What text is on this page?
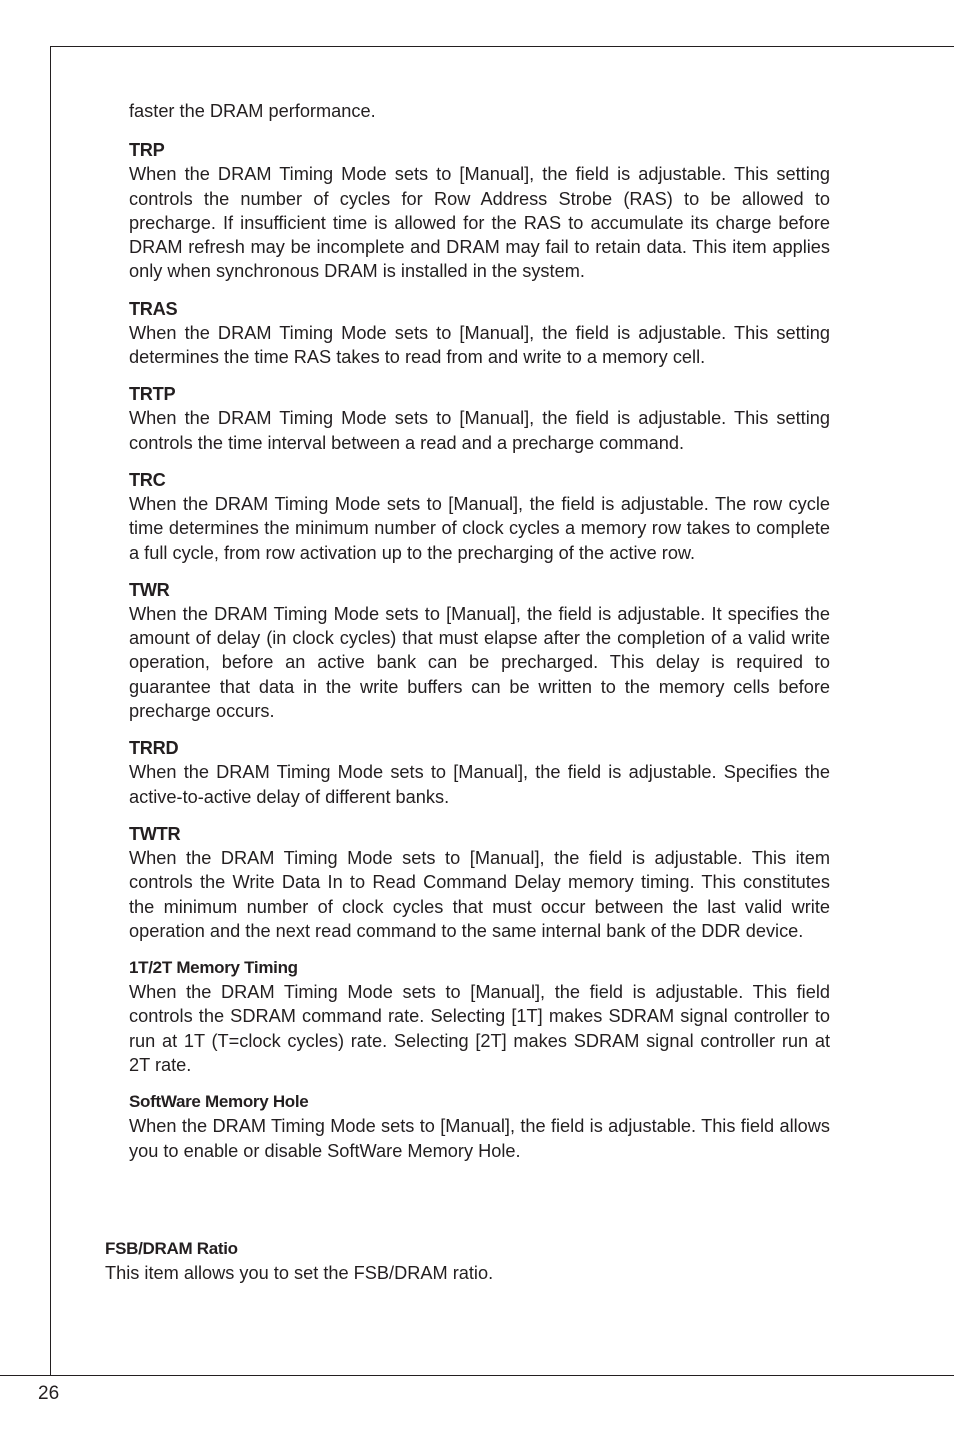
faster the DRAM performance.

TRP

When the DRAM Timing Mode sets to [Manual], the field is adjustable. This setting controls the number of cycles for Row Address Strobe (RAS) to be allowed to precharge. If insufficient time is allowed for the RAS to accumulate its charge before DRAM refresh may be incomplete and DRAM may fail to retain data. This item applies only when synchronous DRAM is installed in the system.

TRAS

When the DRAM Timing Mode sets to [Manual], the field is adjustable. This setting determines the time RAS takes to read from and write to a memory cell.

TRTP

When the DRAM Timing Mode sets to [Manual], the field is adjustable. This setting controls the time interval between a read and a precharge command.

TRC

When the DRAM Timing Mode sets to [Manual], the field is adjustable. The row cycle time determines the minimum number of clock cycles a memory row takes to complete a full cycle, from row activation up to the precharging of the active row.

TWR

When the DRAM Timing Mode sets to [Manual], the field is adjustable. It specifies the amount of delay (in clock cycles) that must elapse after the completion of a valid write operation, before an active bank can be precharged. This delay is required to guarantee that data in the write buffers can be written to the memory cells before precharge occurs.

TRRD

When the DRAM Timing Mode sets to [Manual], the field is adjustable. Specifies the active-to-active delay of different banks.

TWTR

When the DRAM Timing Mode sets to [Manual], the field is adjustable. This item controls the Write Data In to Read Command Delay memory timing. This constitutes the minimum number of clock cycles that must occur between the last valid write operation and the next read command to the same internal bank of the DDR device.

1T/2T Memory Timing

When the DRAM Timing Mode sets to [Manual], the field is adjustable. This field controls the SDRAM command rate. Selecting [1T] makes SDRAM signal controller to run at 1T (T=clock cycles) rate. Selecting [2T] makes SDRAM signal controller run at 2T rate.

SoftWare Memory Hole

When the DRAM Timing Mode sets to [Manual], the field is adjustable. This field allows you to enable or disable SoftWare Memory Hole.

FSB/DRAM Ratio

This item allows you to set the FSB/DRAM ratio.

26
